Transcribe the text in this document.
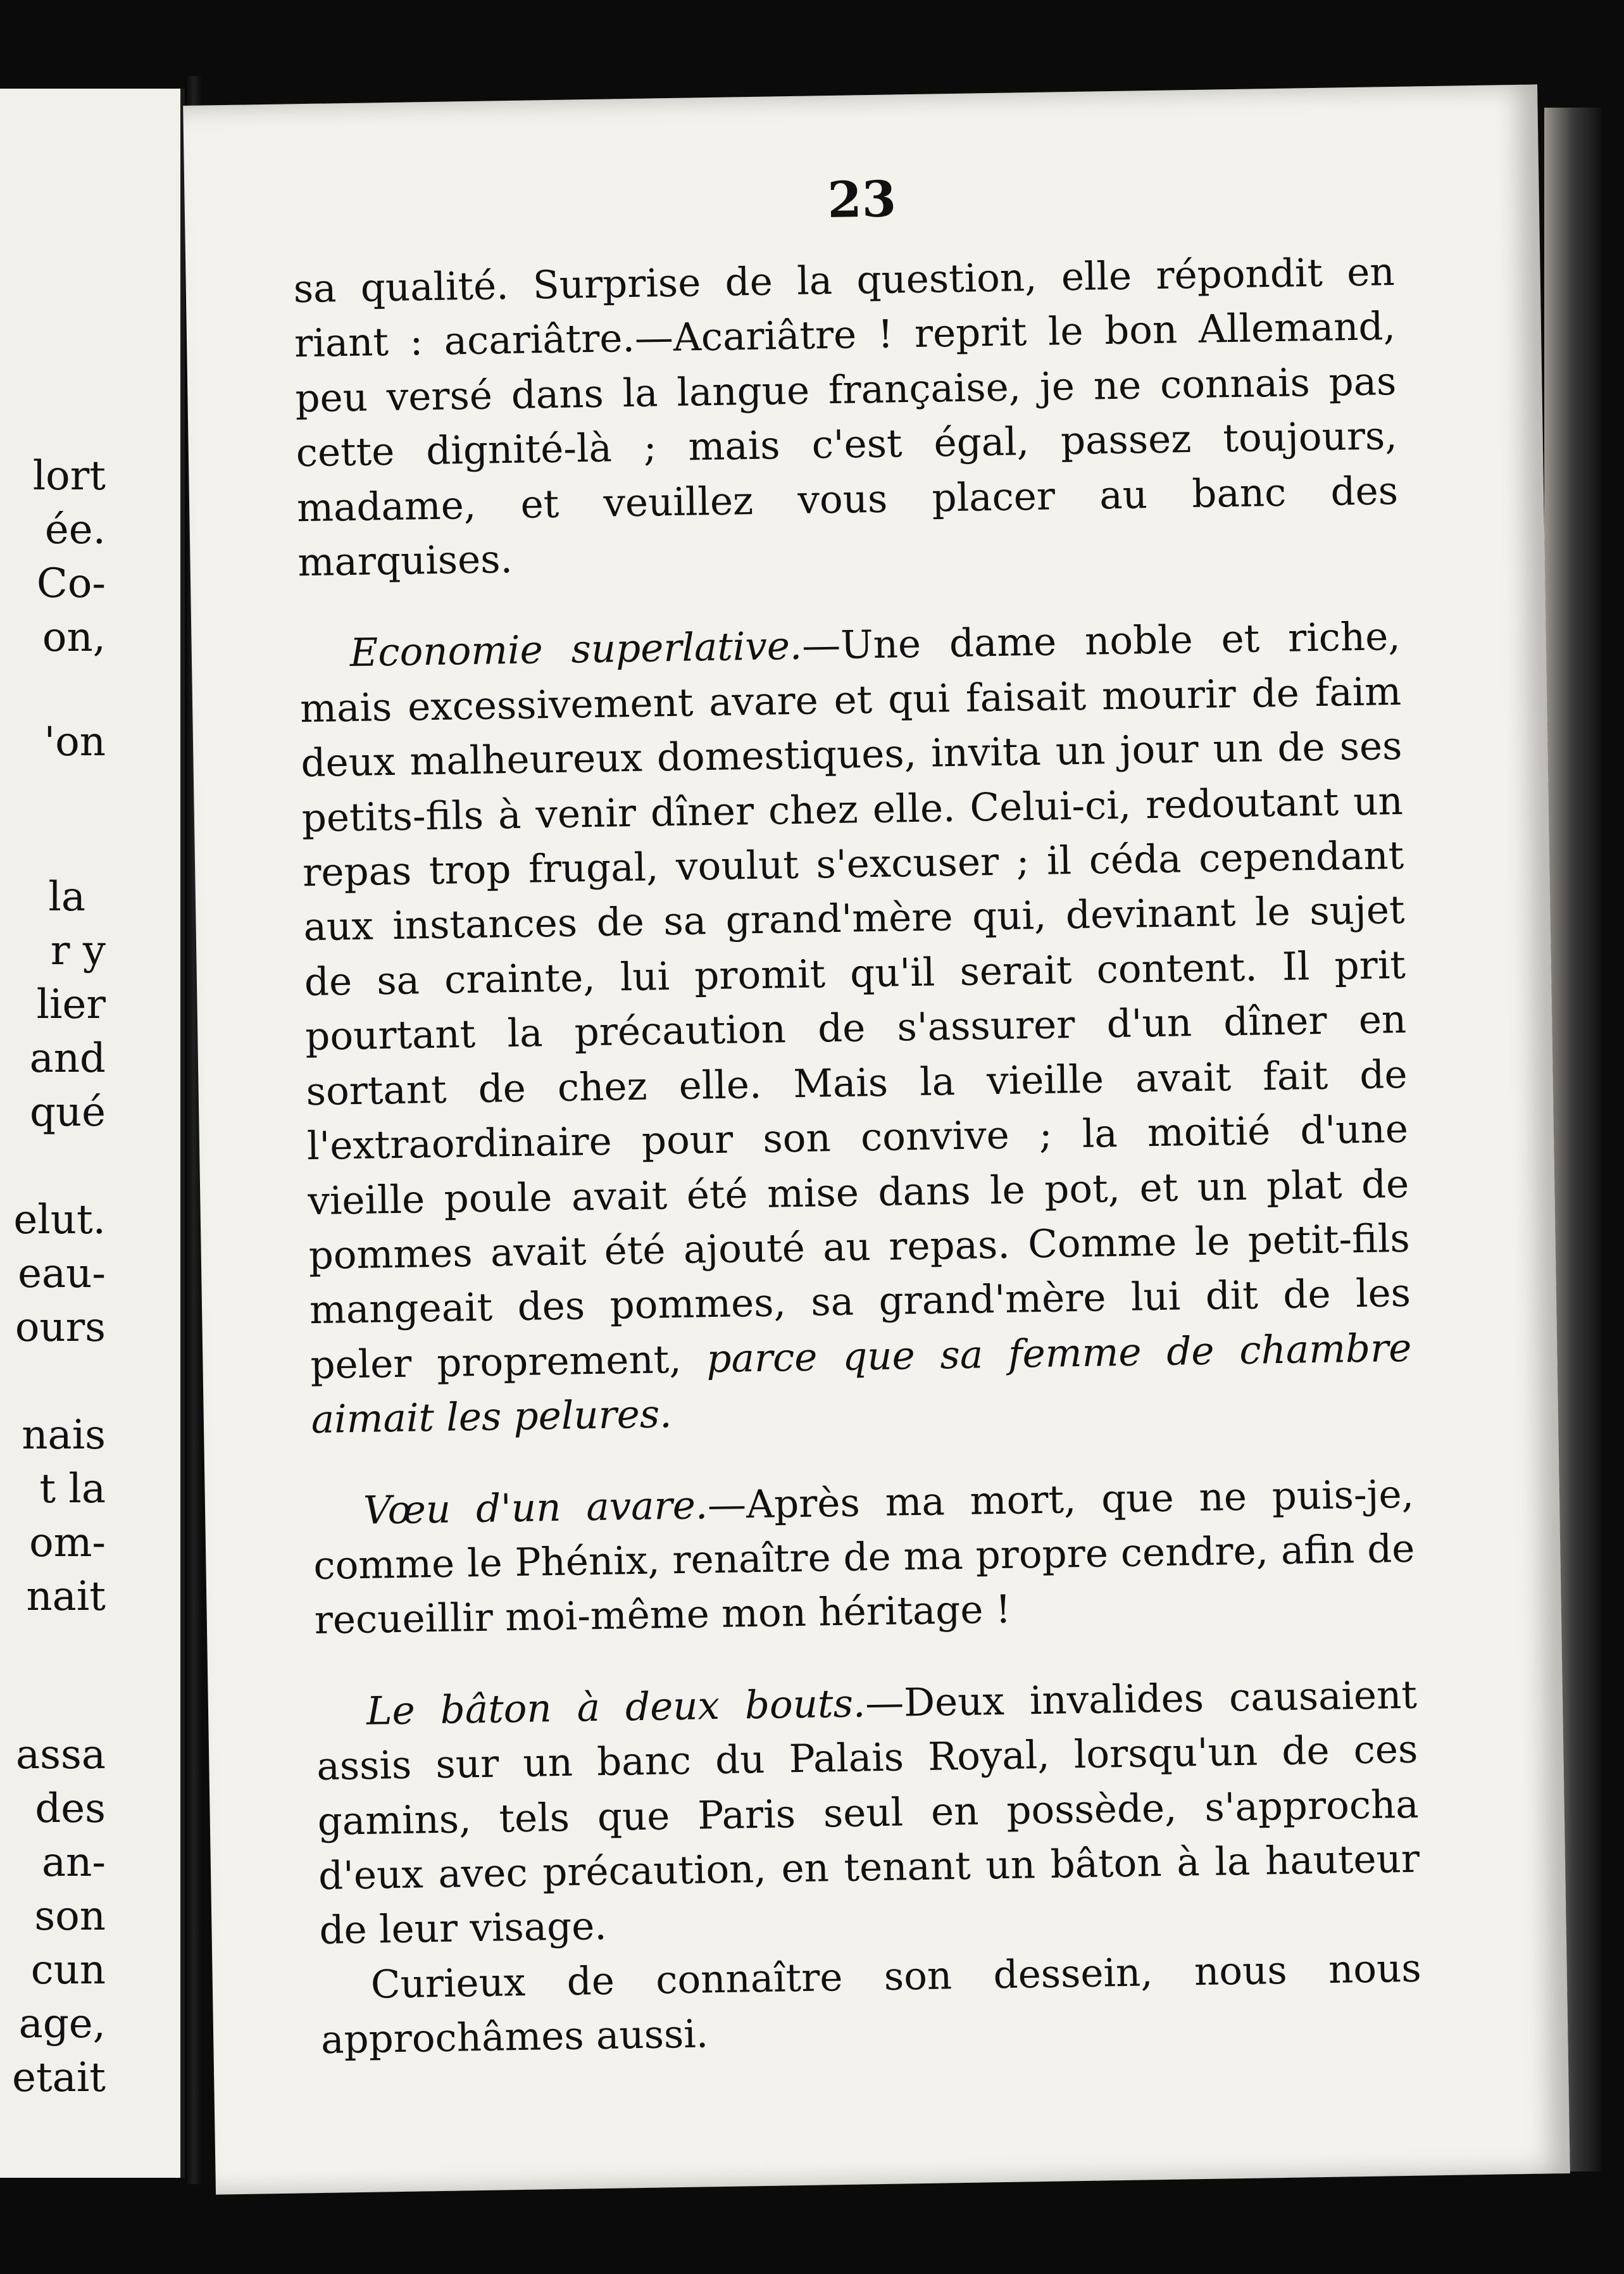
lort
ée.
Co-
on,
'on
la
r y
lier
and
qué
elut.
eau-
ours
nais
t la
om-
nait
assa
des
an-
son
cun
age,
etait
23

sa qualité. Surprise de la question, elle répondit en riant : acariâtre.—Acariâtre ! reprit le bon Allemand, peu versé dans la langue française, je ne connais pas cette dignité-là ; mais c'est égal, passez toujours, madame, et veuillez vous placer au banc des marquises.

Economie superlative.—Une dame noble et riche, mais excessivement avare et qui faisait mourir de faim deux malheureux domestiques, invita un jour un de ses petits-fils à venir dîner chez elle. Celui-ci, redoutant un repas trop frugal, voulut s'excuser ; il céda cependant aux instances de sa grand'mère qui, devinant le sujet de sa crainte, lui promit qu'il serait content. Il prit pourtant la précaution de s'assurer d'un dîner en sortant de chez elle. Mais la vieille avait fait de l'extraordinaire pour son convive ; la moitié d'une vieille poule avait été mise dans le pot, et un plat de pommes avait été ajouté au repas. Comme le petit-fils mangeait des pommes, sa grand'mère lui dit de les peler proprement, parce que sa femme de chambre aimait les pelures.

Vœu d'un avare.—Après ma mort, que ne puis-je, comme le Phénix, renaître de ma propre cendre, afin de recueillir moi-même mon héritage !

Le bâton à deux bouts.—Deux invalides causaient assis sur un banc du Palais Royal, lorsqu'un de ces gamins, tels que Paris seul en possède, s'approcha d'eux avec précaution, en tenant un bâton à la hauteur de leur visage.

Curieux de connaître son dessein, nous nous approchâmes aussi.
